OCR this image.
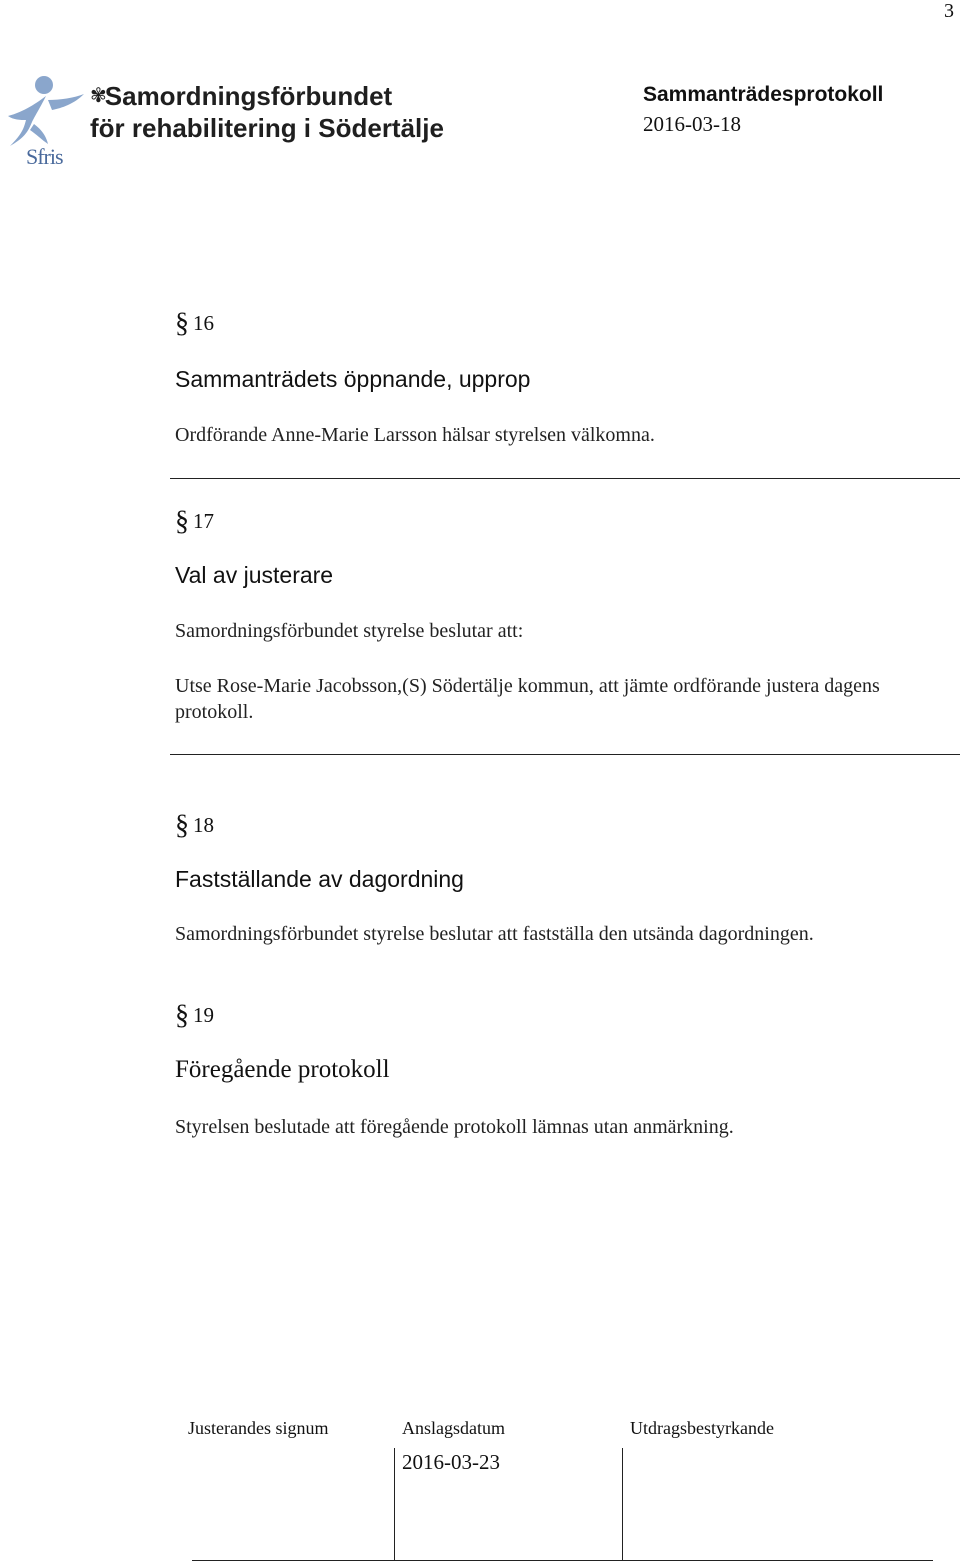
3
Sfris
✾Samordningsförbundet
för rehabilitering i Södertälje
Sammanträdesprotokoll
2016-03-18
§ 16
Sammanträdets öppnande, upprop
Ordförande Anne-Marie Larsson hälsar styrelsen välkomna.
§ 17
Val av justerare
Samordningsförbundet styrelse beslutar att:
Utse Rose-Marie Jacobsson,(S) Södertälje kommun, att jämte ordförande justera dagens protokoll.
§ 18
Fastställande av dagordning
Samordningsförbundet styrelse beslutar att fastställa den utsända dagordningen.
§ 19
Föregående protokoll
Styrelsen beslutade att föregående protokoll lämnas utan anmärkning.
Justerandes signum	Anslagsdatum	Utdragsbestyrkande
2016-03-23
